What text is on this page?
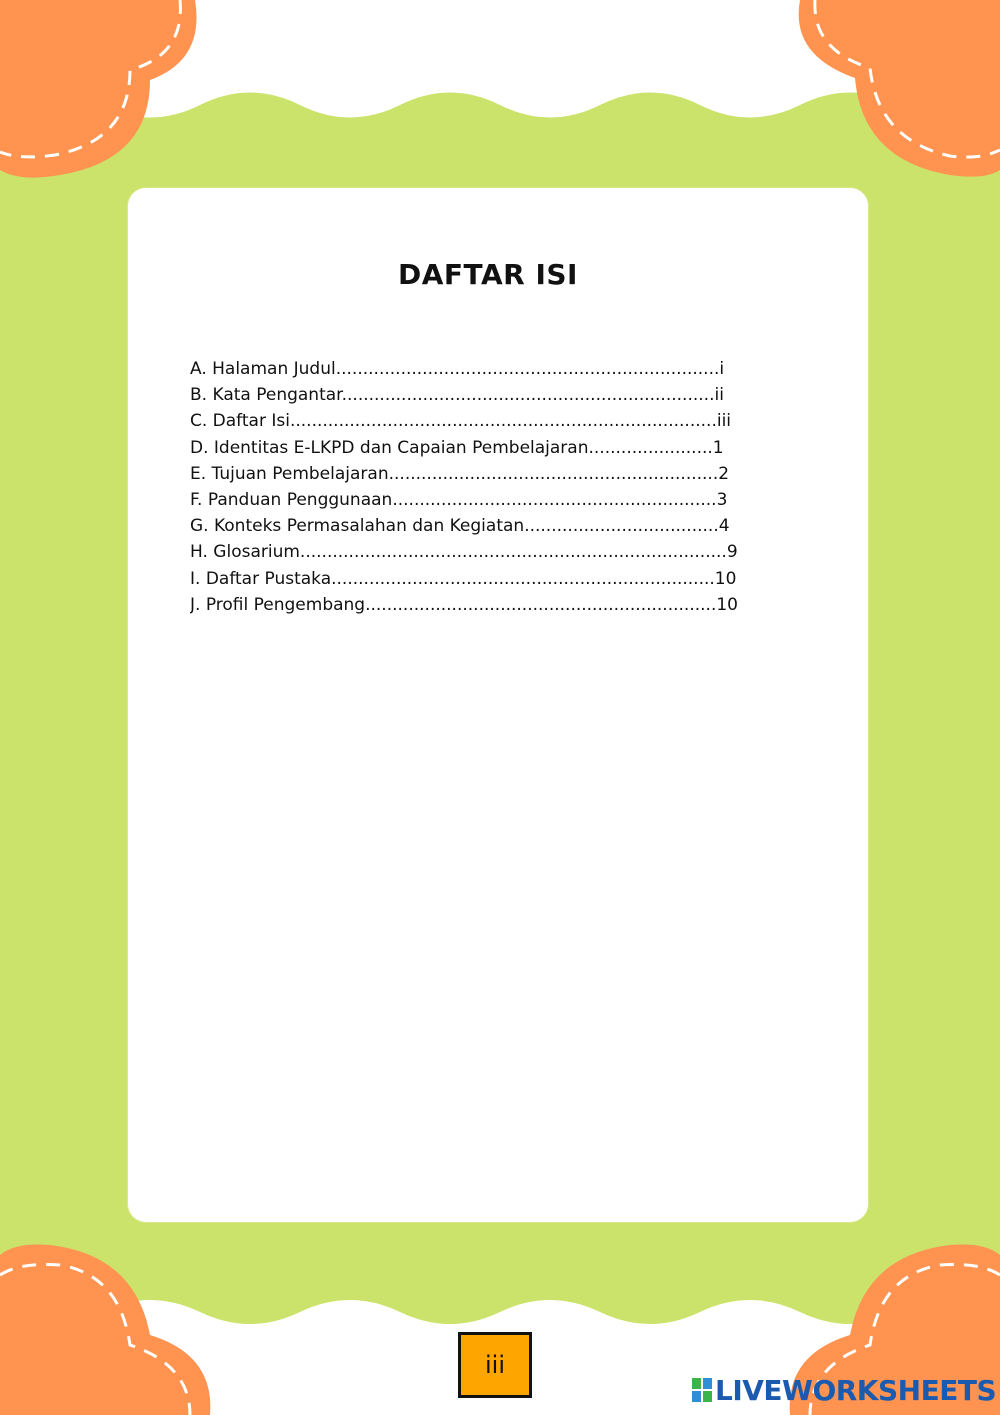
DAFTAR ISI
A. Halaman Judul.......................................................................i
B. Kata Pengantar.....................................................................ii
C. Daftar Isi...............................................................................iii
D. Identitas E-LKPD dan Capaian Pembelajaran.......................1
E. Tujuan Pembelajaran.............................................................2
F. Panduan Penggunaan............................................................3
G. Konteks Permasalahan dan Kegiatan....................................4
H. Glosarium...............................................................................9
I. Daftar Pustaka.......................................................................10
J. Profil Pengembang.................................................................10
iii
LIVEWORKSHEETS
